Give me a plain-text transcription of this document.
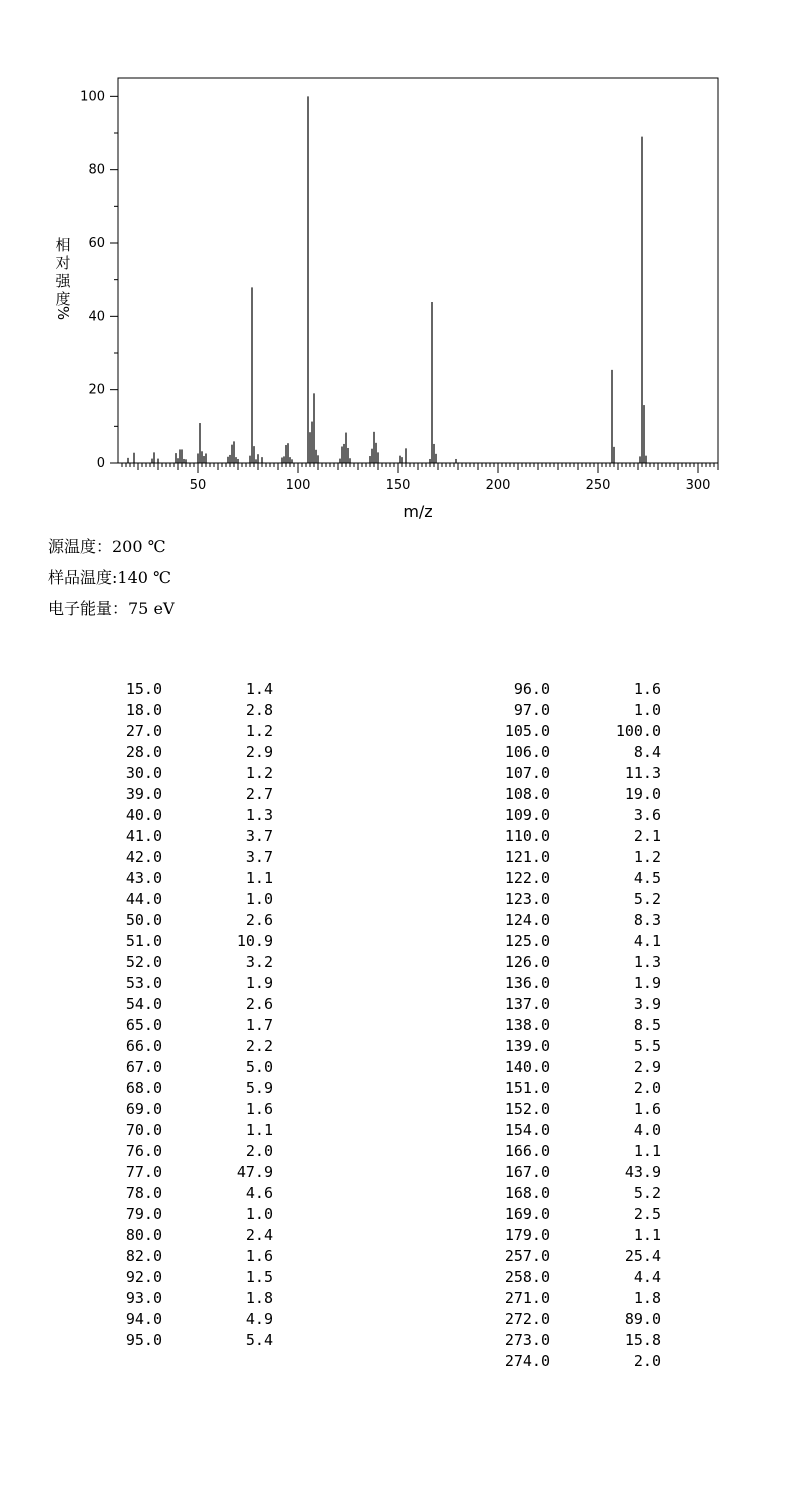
0
20
40
60
80
100
50	100	150	200	250	300
m/z
相
对
强
度
%
源温度：200 ℃
样品温度:140 ℃
电子能量：75 eV
15.0	1.4
18.0	2.8
27.0	1.2
28.0	2.9
30.0	1.2
39.0	2.7
40.0	1.3
41.0	3.7
42.0	3.7
43.0	1.1
44.0	1.0
50.0	2.6
51.0	10.9
52.0	3.2
53.0	1.9
54.0	2.6
65.0	1.7
66.0	2.2
67.0	5.0
68.0	5.9
69.0	1.6
70.0	1.1
76.0	2.0
77.0	47.9
78.0	4.6
79.0	1.0
80.0	2.4
82.0	1.6
92.0	1.5
93.0	1.8
94.0	4.9
95.0	5.4
96.0	1.6
97.0	1.0
105.0	100.0
106.0	8.4
107.0	11.3
108.0	19.0
109.0	3.6
110.0	2.1
121.0	1.2
122.0	4.5
123.0	5.2
124.0	8.3
125.0	4.1
126.0	1.3
136.0	1.9
137.0	3.9
138.0	8.5
139.0	5.5
140.0	2.9
151.0	2.0
152.0	1.6
154.0	4.0
166.0	1.1
167.0	43.9
168.0	5.2
169.0	2.5
179.0	1.1
257.0	25.4
258.0	4.4
271.0	1.8
272.0	89.0
273.0	15.8
274.0	2.0
